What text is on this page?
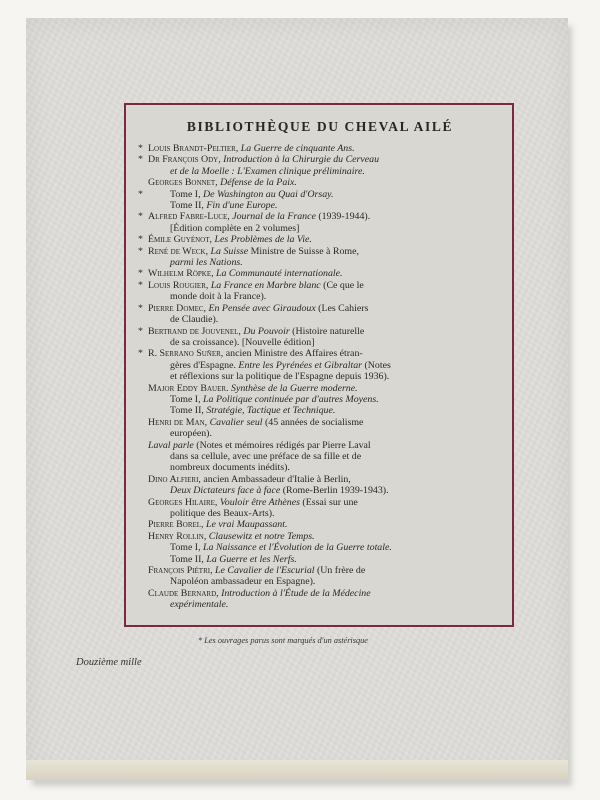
BIBLIOTHÈQUE DU CHEVAL AILÉ
* Louis Brandt-Peltier, La Guerre de cinquante Ans.
* Dr François Ody, Introduction à la Chirurgie du Cerveau
et de la Moelle : L'Examen clinique préliminaire.
Georges Bonnet, Défense de la Paix.
*	Tome I, De Washington au Quai d'Orsay.
Tome II, Fin d'une Europe.
* Alfred Fabre-Luce, Journal de la France (1939-1944).
[Édition complète en 2 volumes]
* Émile Guyénot, Les Problèmes de la Vie.
* René de Weck, La Suisse Ministre de Suisse à Rome,
parmi les Nations.
* Wilhelm Röpke, La Communauté internationale.
* Louis Rougier, La France en Marbre blanc (Ce que le
monde doit à la France).
* Pierre Domec, En Pensée avec Giraudoux (Les Cahiers
de Claudie).
* Bertrand de Jouvenel, Du Pouvoir (Histoire naturelle
de sa croissance). [Nouvelle édition]
* R. Serrano Suñer, ancien Ministre des Affaires étran-
gères d'Espagne. Entre les Pyrénées et Gibraltar (Notes
et réflexions sur la politique de l'Espagne depuis 1936).
Major Eddy Bauer. Synthèse de la Guerre moderne.
Tome I, La Politique continuée par d'autres Moyens.
Tome II, Stratégie, Tactique et Technique.
Henri de Man, Cavalier seul (45 années de socialisme
européen).
Laval parle (Notes et mémoires rédigés par Pierre Laval
dans sa cellule, avec une préface de sa fille et de
nombreux documents inédits).
Dino Alfieri, ancien Ambassadeur d'Italie à Berlin,
Deux Dictateurs face à face (Rome-Berlin 1939-1943).
Georges Hilaire, Vouloir être Athènes (Essai sur une
politique des Beaux-Arts).
Pierre Borel, Le vrai Maupassant.
Henry Rollin, Clausewitz et notre Temps.
Tome I, La Naissance et l'Évolution de la Guerre totale.
Tome II, La Guerre et les Nerfs.
François Piétri, Le Cavalier de l'Escurial (Un frère de
Napoléon ambassadeur en Espagne).
Claude Bernard, Introduction à l'Étude de la Médecine
expérimentale.
* Les ouvrages parus sont marqués d'un astérisque
Douzième mille
